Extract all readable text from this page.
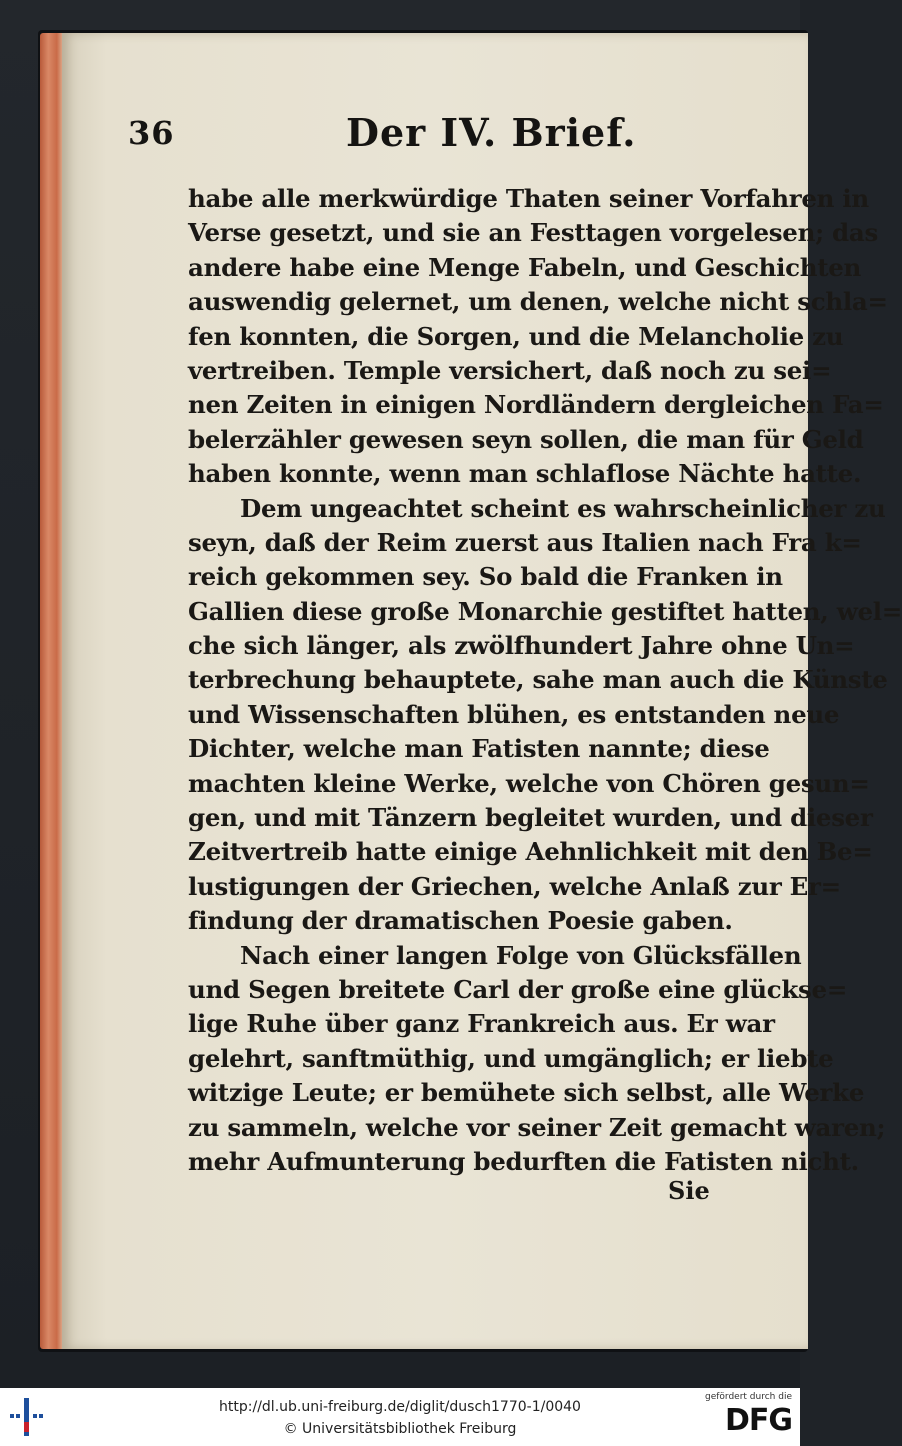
36	Der IV. Brief.
habe alle merkwürdige Thaten seiner Vorfahren in
Verse gesetzt, und sie an Festtagen vorgelesen; das
andere habe eine Menge Fabeln, und Geschichten
auswendig gelernet, um denen, welche nicht schla=
fen konnten, die Sorgen, und die Melancholie zu
vertreiben. Temple versichert, daß noch zu sei=
nen Zeiten in einigen Nordländern dergleichen Fa=
belerzähler gewesen seyn sollen, die man für Geld
haben konnte, wenn man schlaflose Nächte hatte.
Dem ungeachtet scheint es wahrscheinlicher zu
seyn, daß der Reim zuerst aus Italien nach Fra k=
reich gekommen sey. So bald die Franken in
Gallien diese große Monarchie gestiftet hatten, wel=
che sich länger, als zwölfhundert Jahre ohne Un=
terbrechung behauptete, sahe man auch die Künste
und Wissenschaften blühen, es entstanden neue
Dichter, welche man Fatisten nannte; diese
machten kleine Werke, welche von Chören gesun=
gen, und mit Tänzern begleitet wurden, und dieser
Zeitvertreib hatte einige Aehnlichkeit mit den Be=
lustigungen der Griechen, welche Anlaß zur Er=
findung der dramatischen Poesie gaben.
Nach einer langen Folge von Glücksfällen
und Segen breitete Carl der große eine glückse=
lige Ruhe über ganz Frankreich aus. Er war
gelehrt, sanftmüthig, und umgänglich; er liebte
witzige Leute; er bemühete sich selbst, alle Werke
zu sammeln, welche vor seiner Zeit gemacht waren;
mehr Aufmunterung bedurften die Fatisten nicht.
Sie
http://dl.ub.uni-freiburg.de/diglit/dusch1770-1/0040
© Universitätsbibliothek Freiburg
gefördert durch die
DFG
